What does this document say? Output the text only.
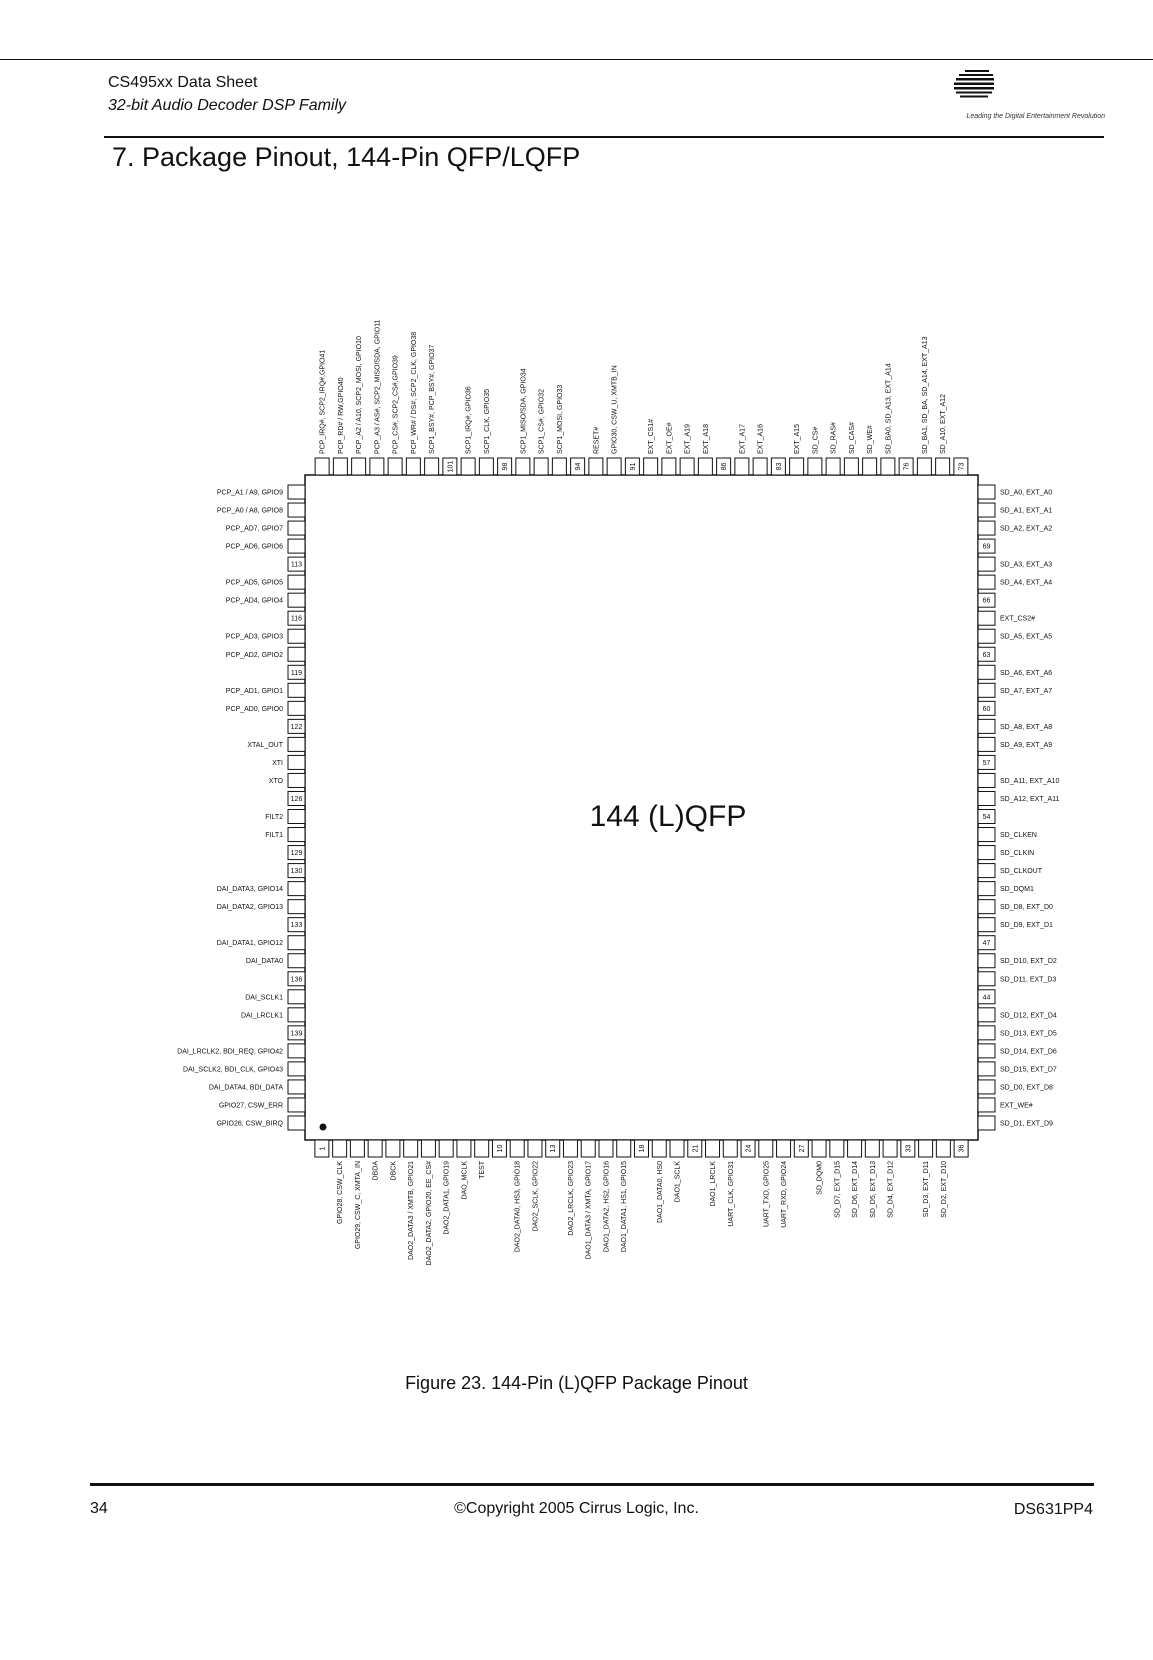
CS495xx Data Sheet
32-bit Audio Decoder DSP Family
Leading the Digital Entertainment Revolution
7. Package Pinout, 144-Pin QFP/LQFP
144 (L)QFP
PCP_A1 / A9, GPIO9
PCP_A0 / A8, GPIO8
PCP_AD7, GPIO7
PCP_AD6, GPIO6
113
PCP_AD5, GPIO5
PCP_AD4, GPIO4
116
PCP_AD3, GPIO3
PCP_AD2, GPIO2
119
PCP_AD1, GPIO1
PCP_AD0, GPIO0
122
XTAL_OUT
XTI
XTO
126
FILT2
FILT1
129
130
DAI_DATA3, GPIO14
DAI_DATA2, GPIO13
133
DAI_DATA1, GPIO12
DAI_DATA0
136
DAI_SCLK1
DAI_LRCLK1
139
DAI_LRCLK2, BDI_REQ, GPIO42
DAI_SCLK2, BDI_CLK, GPIO43
DAI_DATA4, BDI_DATA
GPIO27, CSW_ERR
GPIO26, CSW_BIRQ
SD_A0, EXT_A0
SD_A1, EXT_A1
SD_A2, EXT_A2
69
SD_A3, EXT_A3
SD_A4, EXT_A4
66
EXT_CS2#
SD_A5, EXT_A5
63
SD_A6, EXT_A6
SD_A7, EXT_A7
60
SD_A8, EXT_A8
SD_A9, EXT_A9
57
SD_A11, EXT_A10
SD_A12, EXT_A11
54
SD_CLKEN
SD_CLKIN
SD_CLKOUT
SD_DQM1
SD_D8, EXT_D0
SD_D9, EXT_D1
47
SD_D10, EXT_D2
SD_D11, EXT_D3
44
SD_D12, EXT_D4
SD_D13, EXT_D5
SD_D14, EXT_D6
SD_D15, EXT_D7
SD_D0, EXT_D8
EXT_WE#
SD_D1, EXT_D9
PCP_IRQ#, SCP2_IRQ#,GPIO41 PCP_RD# / RW,GPIO40 PCP_A2 / A10, SCP2_MOSI, GPIO10 PCP_A3 / AS#, SCP2_MISO/SDA, GPIO11 PCP_CS#, SCP2_CS#,GPIO39 PCP_WR# / DS#, SCP2_CLK, GPIO38 SCP1_BSY#, PCP_BSY#, GPIO37
101
SCP1_IRQ#, GPIO36 SCP1_CLK, GPIO35
98
SCP1_MISO/SDA, GPIO34 SCP1_CS#, GPIO32 SCP1_MOSI, GPIO33
94
RESET# GPIO30, CSW_U, XMTB_IN
91
EXT_CS1# EXT_OE# EXT_A19 EXT_A18
86
EXT_A17 EXT_A16
83
EXT_A15 SD_CS# SD_RAS# SD_CAS# SD_WE# SD_BA0, SD_A13, EXT_A14
76
SD_BA1, SD_BA, SD_A14, EXT_A13 SD_A10, EXT_A12
73
1
GPIO28, CSW_CLK GPIO29, CSW_C, XMTA_IN DBDA DBCK DAO2_DATA3 / XMTB, GPIO21 DAO2_DATA2, GPIO20, EE_CS# DAO2_DATA1, GPIO19 DAO_MCLK TEST
10
DAO2_DATA0, HS3, GPIO18 DAO2_SCLK, GPIO22
13
DAO2_LRCLK, GPIO23 DAO1_DATA3 / XMTA, GPIO17 DAO1_DATA2, HS2, GPIO16 DAO1_DATA1, HS1, GPIO15
18
DAO1_DATA0, HS0 DAO1_SCLK
21
DAO1_LRCLK UART_CLK, GPIO31
24
UART_TXD, GPIO25 UART_RXD, GPIO24
27
SD_DQM0 SD_D7, EXT_D15 SD_D6, EXT_D14 SD_D5, EXT_D13 SD_D4, EXT_D12
33
SD_D3, EXT_D11 SD_D2, EXT_D10
36
Figure 23. 144-Pin (L)QFP Package Pinout
34	©Copyright 2005 Cirrus Logic, Inc.	DS631PP4
